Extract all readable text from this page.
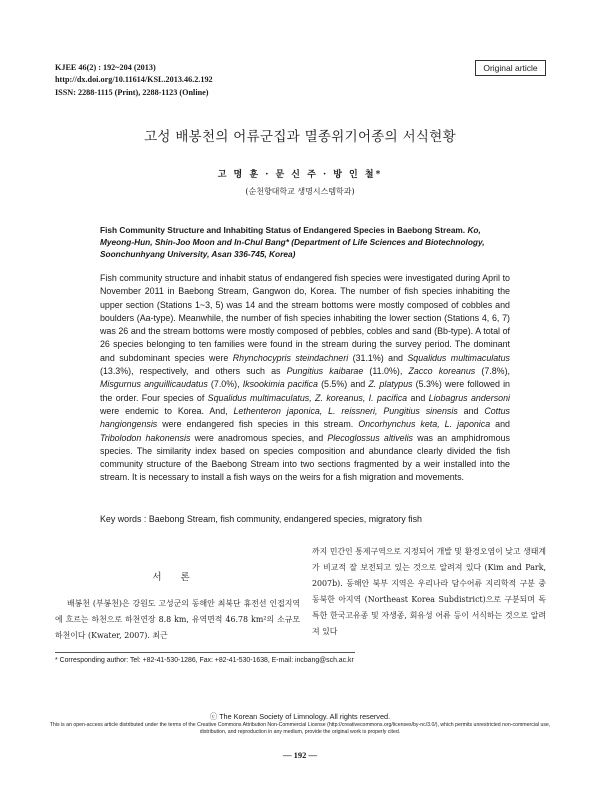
KJEE 46(2) : 192~204 (2013)
http://dx.doi.org/10.11614/KSL.2013.46.2.192
ISSN: 2288-1115 (Print), 2288-1123 (Online)
Original article
고성 배봉천의 어류군집과 멸종위기어종의 서식현황
고 명 훈 · 문 신 주 · 방 인 철*
(순천향대학교 생명시스템학과)
Fish Community Structure and Inhabiting Status of Endangered Species in Baebong Stream. Ko, Myeong-Hun, Shin-Joo Moon and In-Chul Bang* (Department of Life Sciences and Biotechnology, Soonchunhyang University, Asan 336-745, Korea)
Fish community structure and inhabit status of endangered fish species were investigated during April to November 2011 in Baebong Stream, Gangwon do, Korea. The number of fish species inhabiting the upper section (Stations 1~3, 5) was 14 and the stream bottoms were mostly composed of cobbles and boulders (Aa-type). Meanwhile, the number of fish species inhabiting the lower section (Stations 4, 6, 7) was 26 and the stream bottoms were mostly composed of pebbles, cobles and sand (Bb-type). A total of 26 species belonging to ten families were found in the stream during the survey period. The dominant and subdominant species were Rhynchocypris steindachneri (31.1%) and Squalidus multimaculatus (13.3%), respectively, and others such as Pungitius kaibarae (11.0%), Zacco koreanus (7.8%), Misgurnus anguillicaudatus (7.0%), Iksookimia pacifica (5.5%) and Z. platypus (5.3%) were followed in the order. Four species of Squalidus multimaculatus, Z. koreanus, I. pacifica and Liobagrus andersoni were endemic to Korea. And, Lethenteron japonica, L. reissneri, Pungitius sinensis and Cottus hangiongensis were endangered fish species in this stream. Oncorhynchus keta, L. japonica and Tribolodon hakonensis were anadromous species, and Plecoglossus altivelis was an amphidromous species. The similarity index based on species composition and abundance clearly divided the fish community structure of the Baebong Stream into two sections fragmented by a weir installed into the stream. It is necessary to install a fish ways on the weirs for a fish migration and movements.
Key words : Baebong Stream, fish community, endangered species, migratory fish
서 론
배봉천 (부봉천)은 강원도 고성군의 동해안 최북단 휴전선 인접지역에 흐르는 하천으로 하천연장 8.8 km, 유역면적 46.78 km²의 소규모 하천이다 (Kwater, 2007). 최근
까지 민간인 통제구역으로 지정되어 개발 및 환경오염이 낮고 생태계가 비교적 잘 보전되고 있는 것으로 알려져 있다 (Kim and Park, 2007b). 동해안 북부 지역은 우리나라 담수어류 지리학적 구분 중 동북한 아지역 (Northeast Korea Subdistrict)으로 구분되며 독특한 한국고유종 및 자생종, 회유성 어류 등이 서식하는 것으로 알려져 있다
* Corresponding author: Tel: +82-41-530-1286, Fax: +82-41-530-1638, E-mail: incbang@sch.ac.kr
ⓒ The Korean Society of Limnology. All rights reserved.
This is an open-access article distributed under the terms of the Creative Commons Attribution Non-Commercial License (http://creativecommons.org/licenses/by-nc/3.0/), which permits unrestricted non-commercial use, distribution, and reproduction in any medium, provide the original work is properly cited.
— 192 —
